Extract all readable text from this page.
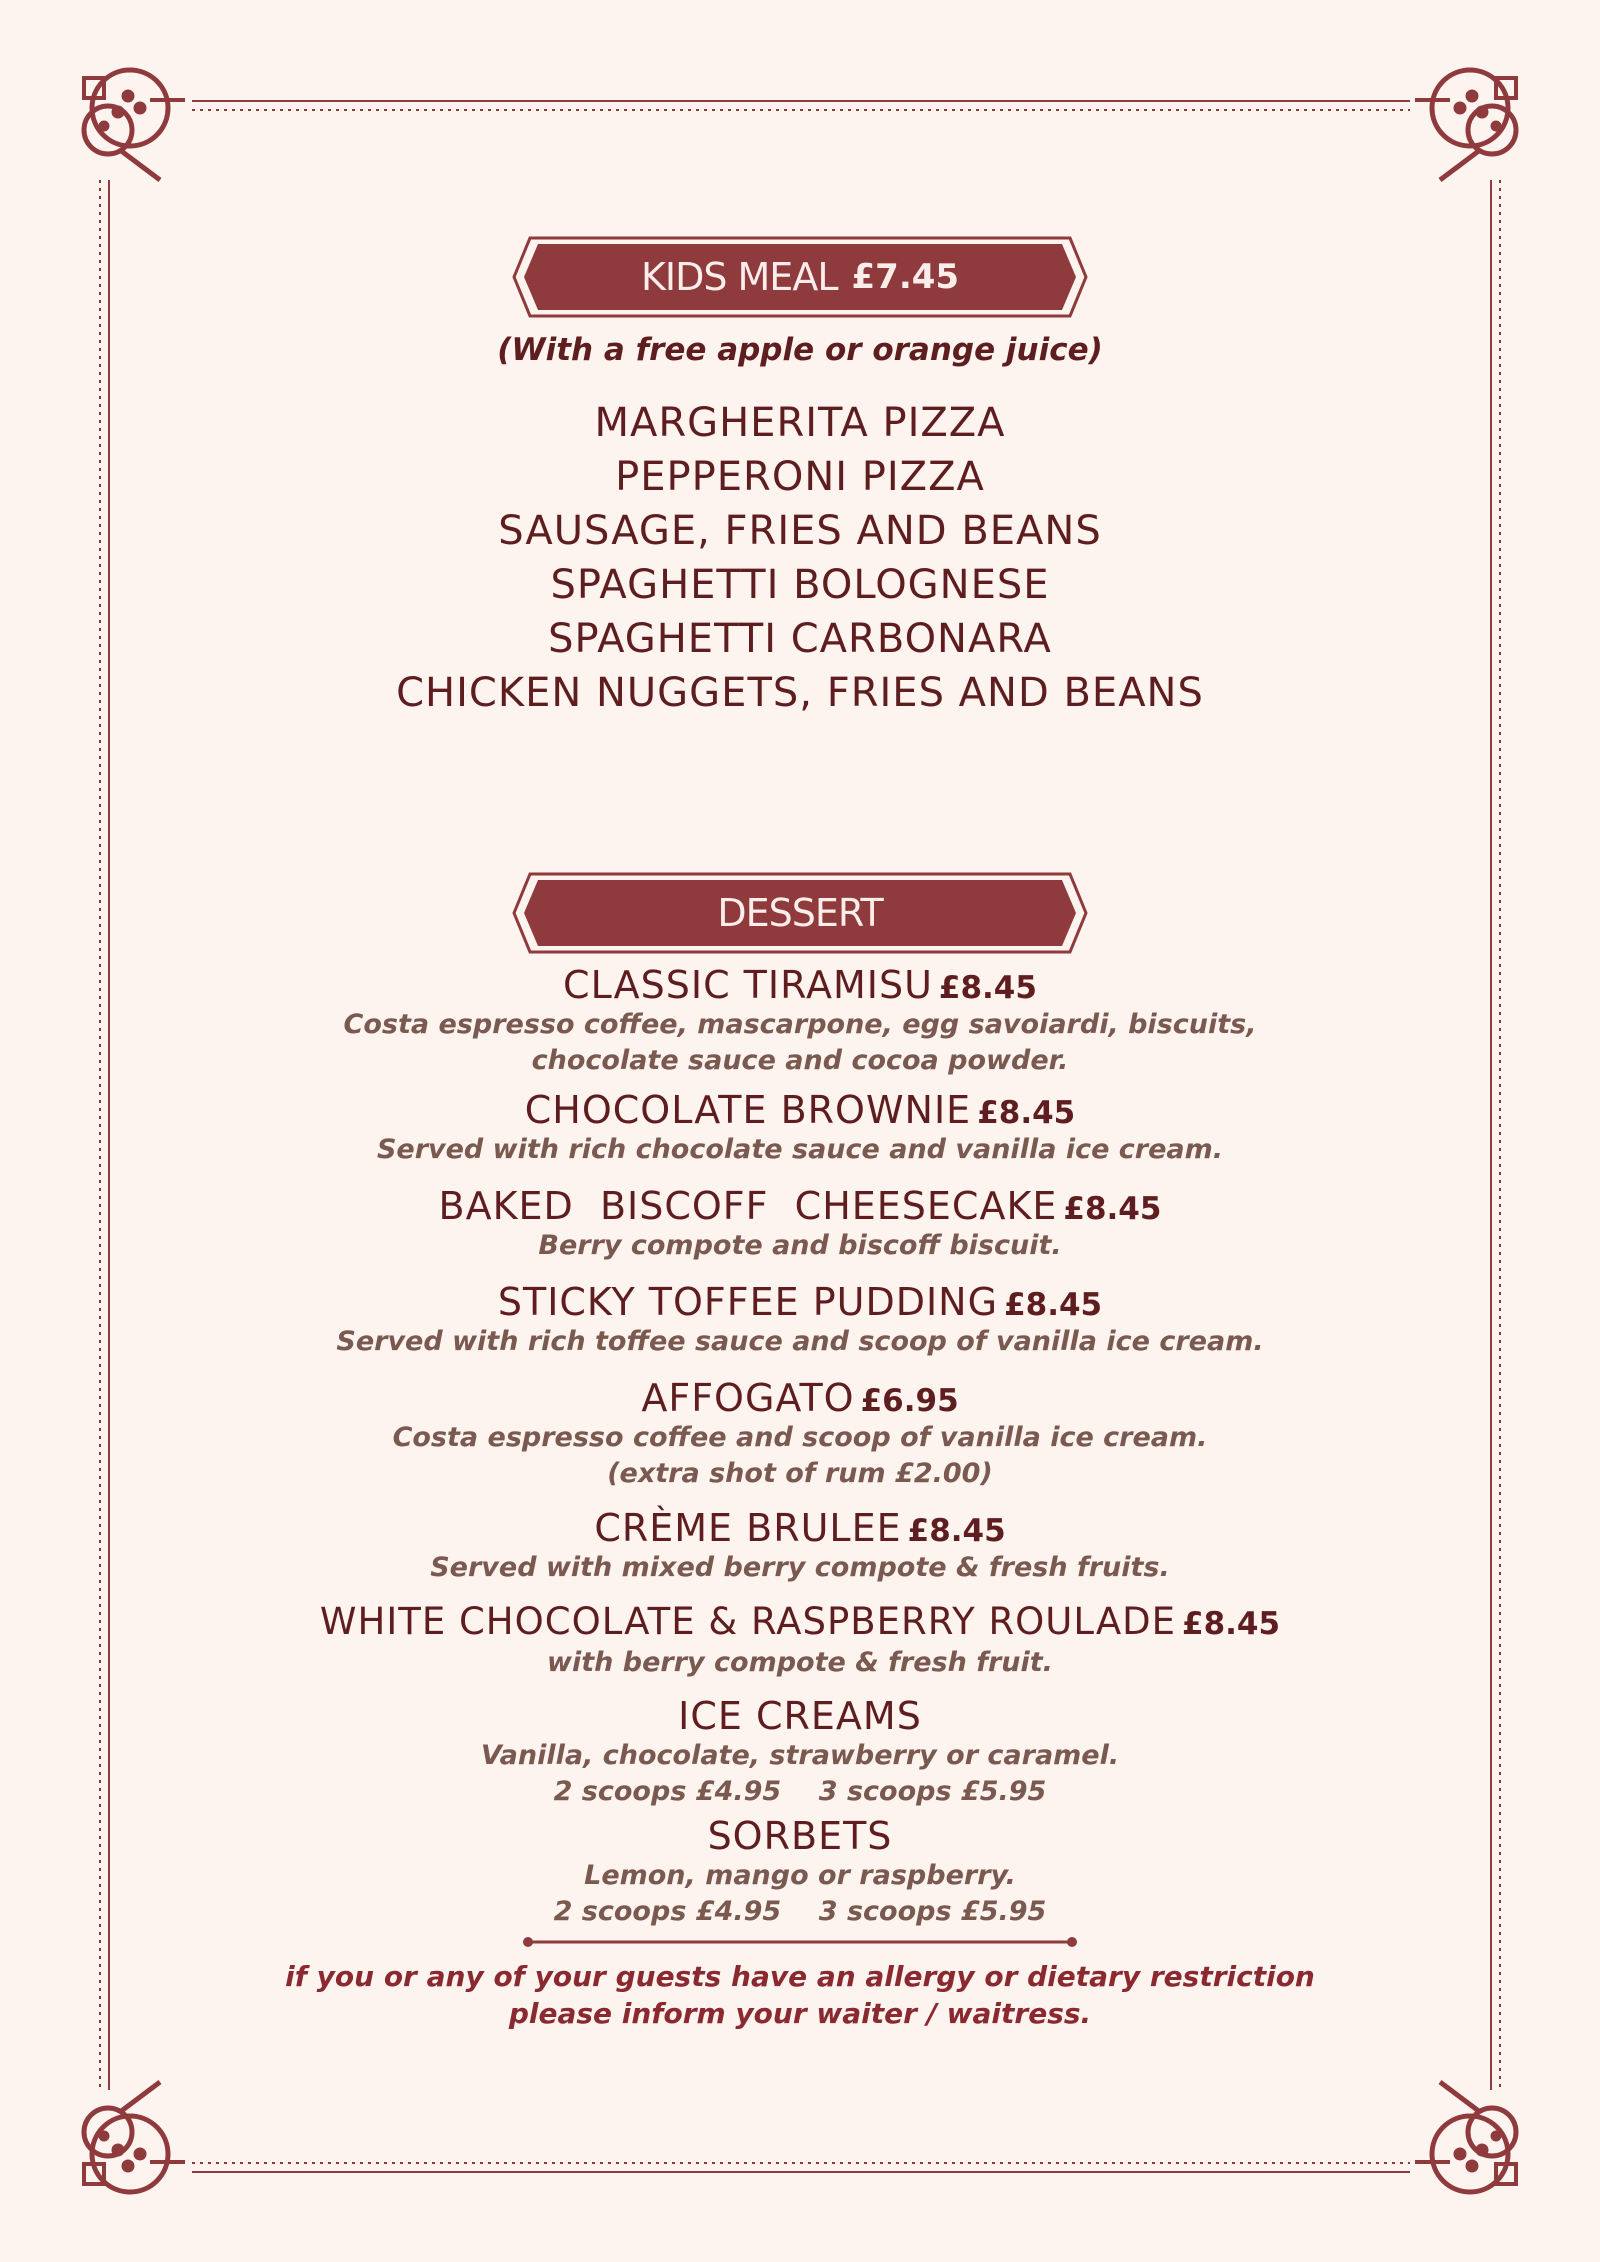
KIDS MEAL £7.45
(With a free apple or orange juice)
MARGHERITA PIZZA
PEPPERONI PIZZA
SAUSAGE, FRIES AND BEANS
SPAGHETTI BOLOGNESE
SPAGHETTI CARBONARA
CHICKEN NUGGETS, FRIES AND BEANS
DESSERT
CLASSIC TIRAMISU £8.45
Costa espresso coffee, mascarpone, egg savoiardi, biscuits,
chocolate sauce and cocoa powder.
CHOCOLATE BROWNIE £8.45
Served with rich chocolate sauce and vanilla ice cream.
BAKED  BISCOFF  CHEESECAKE £8.45
Berry compote and biscoff biscuit.
STICKY TOFFEE PUDDING £8.45
Served with rich toffee sauce and scoop of vanilla ice cream.
AFFOGATO £6.95
Costa espresso coffee and scoop of vanilla ice cream.
(extra shot of rum £2.00)
CRÈME BRULEE £8.45
Served with mixed berry compote & fresh fruits.
WHITE CHOCOLATE & RASPBERRY ROULADE £8.45
with berry compote & fresh fruit.
ICE CREAMS
Vanilla, chocolate, strawberry or caramel.
2 scoops £4.95    3 scoops £5.95
SORBETS
Lemon, mango or raspberry.
2 scoops £4.95    3 scoops £5.95
if you or any of your guests have an allergy or dietary restriction
please inform your waiter / waitress.
